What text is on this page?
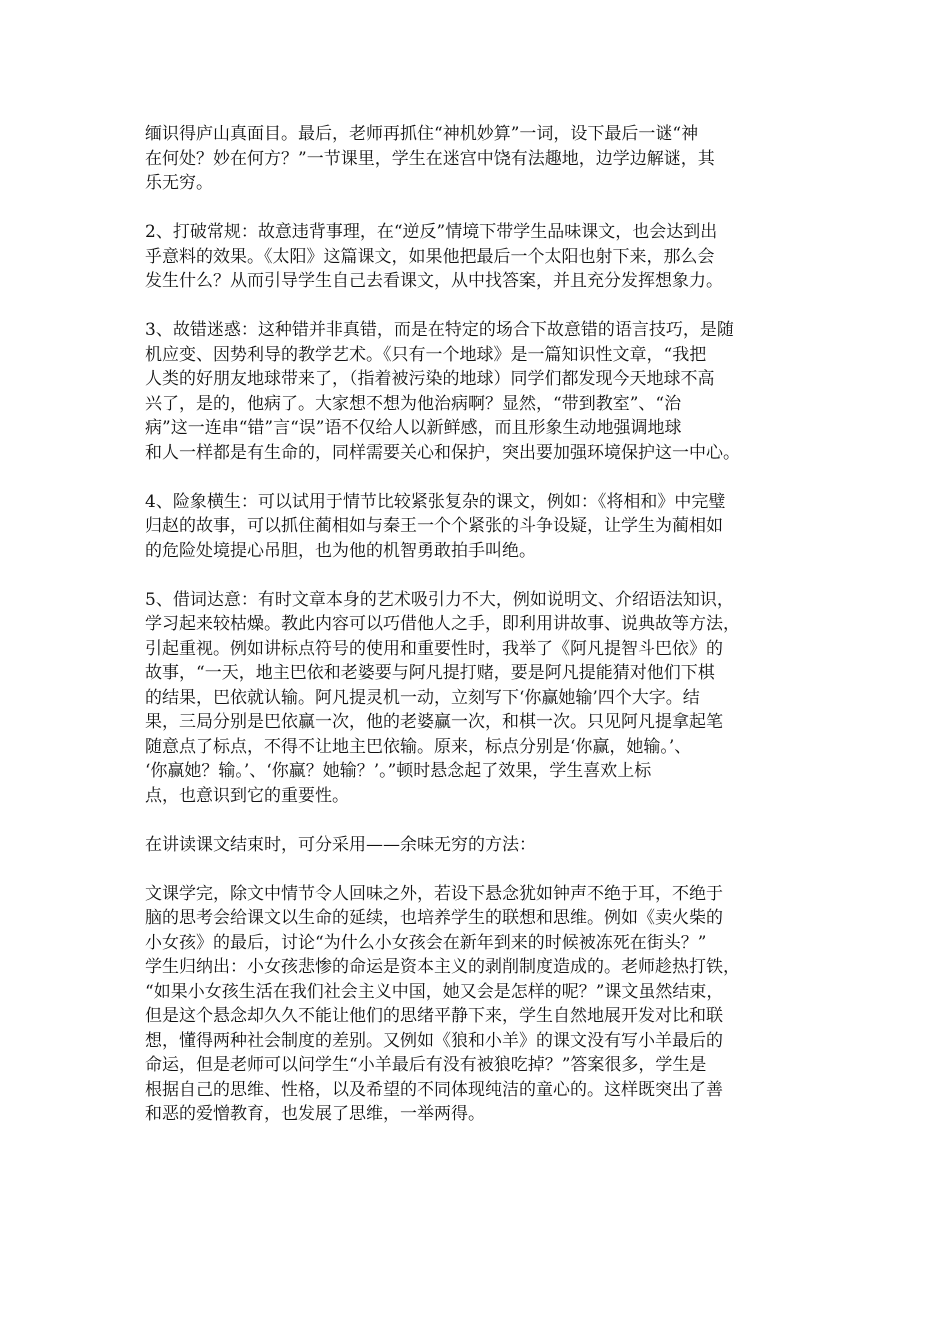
缅识得庐山真面目。最后，老师再抓住“神机妙算”一词，设下最后一谜“神
在何处？妙在何方？”一节课里，学生在迷宫中饶有法趣地，边学边解谜，其
乐无穷。
2、打破常规：故意违背事理，在“逆反”情境下带学生品味课文，也会达到出
乎意料的效果。《太阳》这篇课文，如果他把最后一个太阳也射下来，那么会
发生什么？从而引导学生自己去看课文，从中找答案，并且充分发挥想象力。
3、故错迷惑：这种错并非真错，而是在特定的场合下故意错的语言技巧，是随
机应变、因势利导的教学艺术。《只有一个地球》是一篇知识性文章，“我把
人类的好朋友地球带来了，（指着被污染的地球）同学们都发现今天地球不高
兴了，是的，他病了。大家想不想为他治病啊？显然，“带到教室”、“治
病”这一连串“错”言“误”语不仅给人以新鲜感，而且形象生动地强调地球
和人一样都是有生命的，同样需要关心和保护，突出要加强环境保护这一中心。
4、险象横生：可以试用于情节比较紧张复杂的课文，例如：《将相和》中完璧
归赵的故事，可以抓住蔺相如与秦王一个个紧张的斗争设疑，让学生为蔺相如
的危险处境提心吊胆，也为他的机智勇敢拍手叫绝。
5、借词达意：有时文章本身的艺术吸引力不大，例如说明文、介绍语法知识，
学习起来较枯燥。教此内容可以巧借他人之手，即利用讲故事、说典故等方法，
引起重视。例如讲标点符号的使用和重要性时，我举了《阿凡提智斗巴依》的
故事，“一天，地主巴依和老婆要与阿凡提打赌，要是阿凡提能猜对他们下棋
的结果，巴依就认输。阿凡提灵机一动，立刻写下‘你赢她输’四个大字。结
果，三局分别是巴依赢一次，他的老婆赢一次，和棋一次。只见阿凡提拿起笔
随意点了标点，不得不让地主巴依输。原来，标点分别是‘你赢，她输。’、
‘你赢她？输。’、‘你赢？她输？’。”顿时悬念起了效果，学生喜欢上标
点，也意识到它的重要性。
在讲读课文结束时，可分采用——余味无穷的方法：
文课学完，除文中情节令人回味之外，若设下悬念犹如钟声不绝于耳，不绝于
脑的思考会给课文以生命的延续，也培养学生的联想和思维。例如《卖火柴的
小女孩》的最后，讨论“为什么小女孩会在新年到来的时候被冻死在街头？”
学生归纳出：小女孩悲惨的命运是资本主义的剥削制度造成的。老师趁热打铁，
“如果小女孩生活在我们社会主义中国，她又会是怎样的呢？”课文虽然结束，
但是这个悬念却久久不能让他们的思绪平静下来，学生自然地展开发对比和联
想，懂得两种社会制度的差别。又例如《狼和小羊》的课文没有写小羊最后的
命运，但是老师可以问学生“小羊最后有没有被狼吃掉？”答案很多，学生是
根据自己的思维、性格，以及希望的不同体现纯洁的童心的。这样既突出了善
和恶的爱憎教育，也发展了思维，一举两得。
